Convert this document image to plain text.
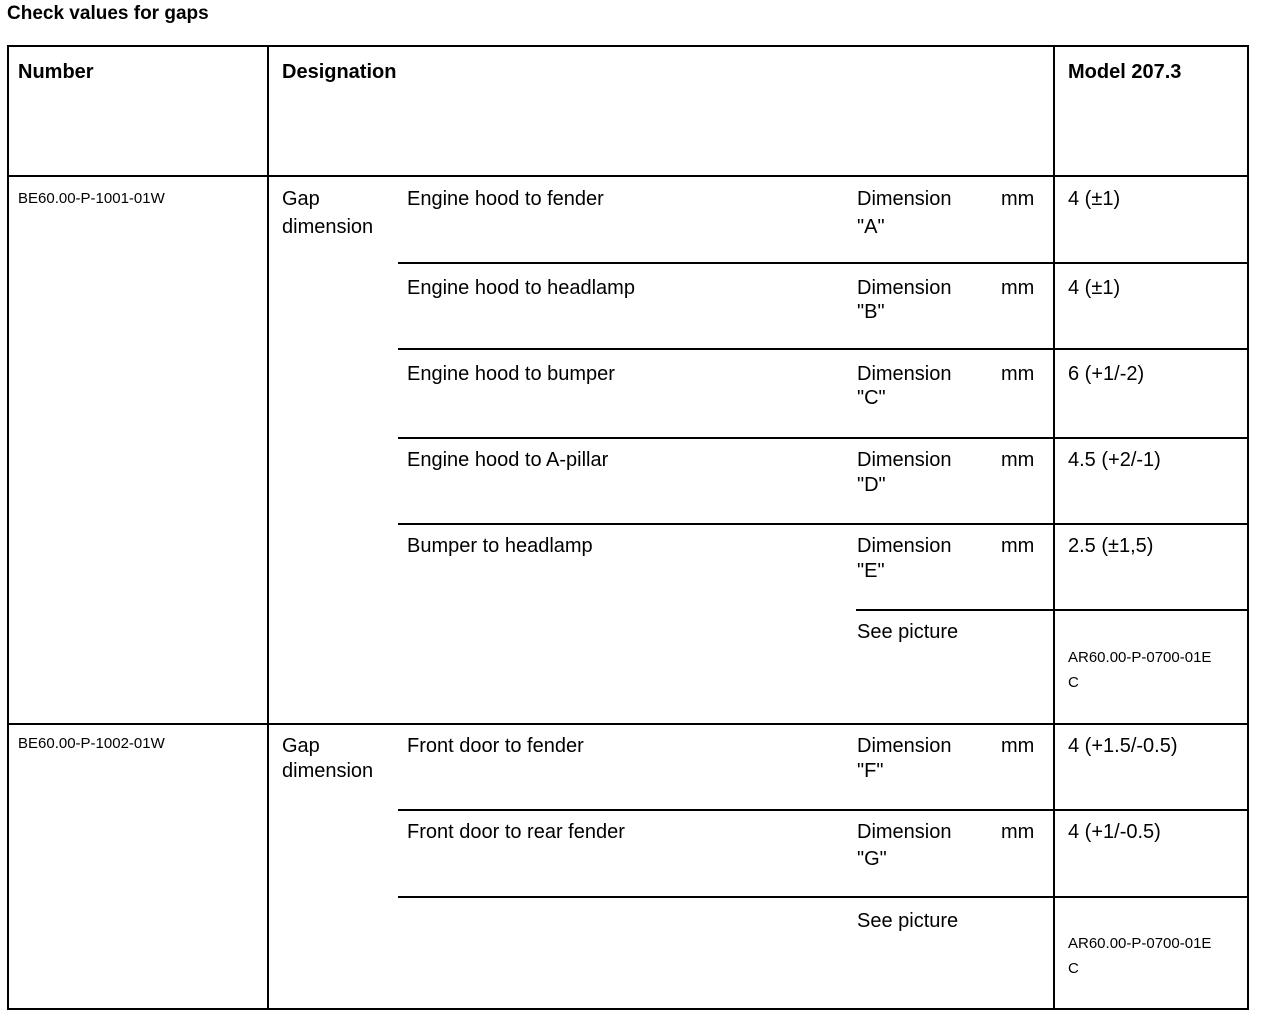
Check values for gaps
Number	Designation	Model 207.3
BE60.00-P-1001-01W	Gap
dimension
Engine hood to fender	Dimension
"A"
mm 4 (±1)
Engine hood to headlamp	Dimension
"B"
mm 4 (±1)
Engine hood to bumper	Dimension
"C"
mm 6 (+1/-2)
Engine hood to A-pillar	Dimension
"D"
mm 4.5 (+2/-1)
Bumper to headlamp	Dimension
"E"
mm 2.5 (±1,5)
See picture
AR60.00-P-0700-01E
C
BE60.00-P-1002-01W	Gap
dimension
Front door to fender	Dimension
"F"
mm 4 (+1.5/-0.5)
Front door to rear fender	Dimension
"G"
mm 4 (+1/-0.5)
See picture
AR60.00-P-0700-01E
C
